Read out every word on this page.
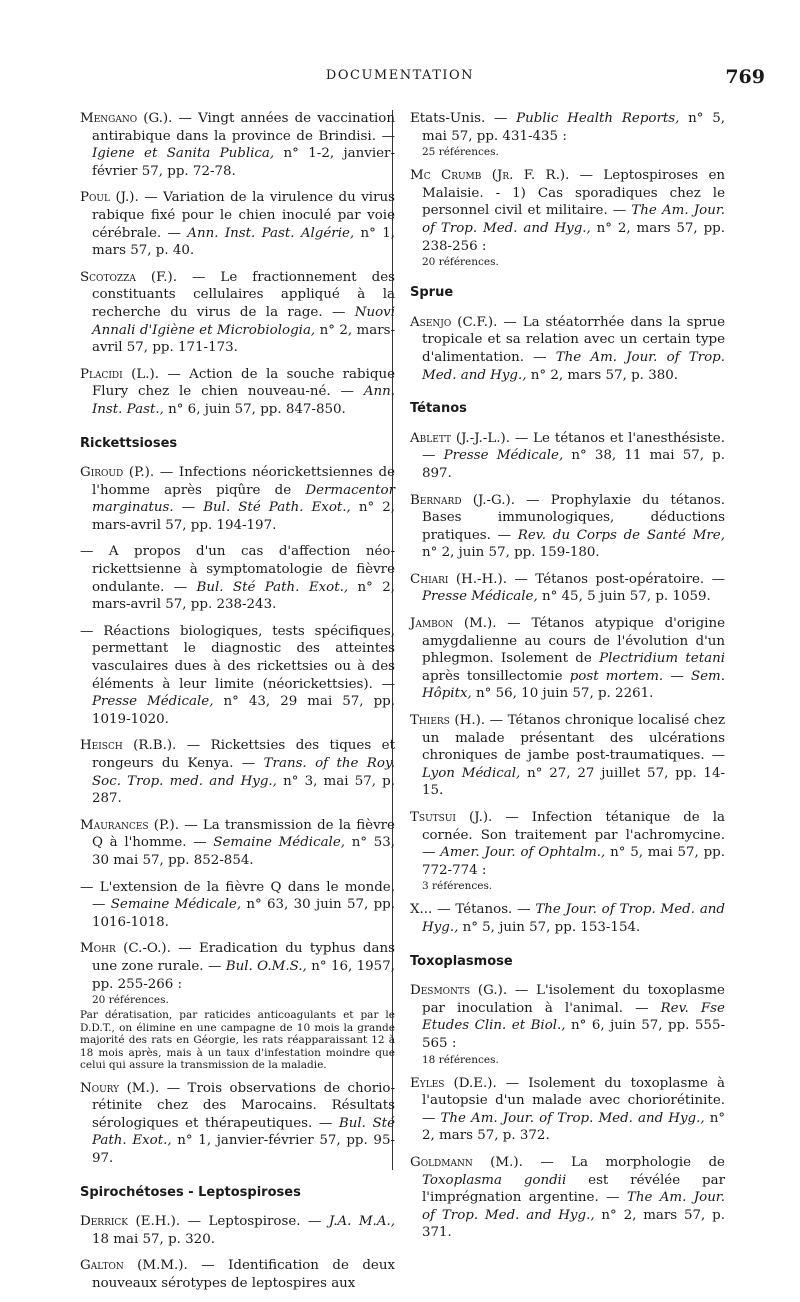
DOCUMENTATION	769

Mengano (G.). — Vingt années de vaccination antirabique dans la province de Brindisi. — Igiene et Sanita Publica, n° 1-2, janvier-février 57, pp. 72-78.

Poul (J.). — Variation de la virulence du virus rabique fixé pour le chien inoculé par voie cérébrale. — Ann. Inst. Past. Algérie, n° 1, mars 57, p. 40.

Scotozza (F.). — Le fractionnement des constituants cellulaires appliqué à la recherche du virus de la rage. — Nuovi Annali d'Igiène et Microbiologia, n° 2, mars-avril 57, pp. 171-173.

Placidi (L.). — Action de la souche rabique Flury chez le chien nouveau-né. — Ann. Inst. Past., n° 6, juin 57, pp. 847-850.

Rickettsioses

Giroud (P.). — Infections néorickettsiennes de l'homme après piqûre de Dermacentor marginatus. — Bul. Sté Path. Exot., n° 2, mars-avril 57, pp. 194-197.

— A propos d'un cas d'affection néo-rickettsienne à symptomatologie de fièvre ondulante. — Bul. Sté Path. Exot., n° 2, mars-avril 57, pp. 238-243.

— Réactions biologiques, tests spécifiques, permettant le diagnostic des atteintes vasculaires dues à des rickettsies ou à des éléments à leur limite (néorickettsies). — Presse Médicale, n° 43, 29 mai 57, pp. 1019-1020.

Heisch (R.B.). — Rickettsies des tiques et rongeurs du Kenya. — Trans. of the Roy. Soc. Trop. med. and Hyg., n° 3, mai 57, p. 287.

Maurances (P.). — La transmission de la fièvre Q à l'homme. — Semaine Médicale, n° 53, 30 mai 57, pp. 852-854.

— L'extension de la fièvre Q dans le monde. — Semaine Médicale, n° 63, 30 juin 57, pp. 1016-1018.

Mohr (C.-O.). — Eradication du typhus dans une zone rurale. — Bul. O.M.S., n° 16, 1957, pp. 255-266 :
20 références.

Par dératisation, par raticides anticoagulants et par le D.D.T., on élimine en une campagne de 10 mois la grande majorité des rats en Géorgie, les rats réapparaissant 12 à 18 mois après, mais à un taux d'infestation moindre que celui qui assure la transmission de la maladie.

Noury (M.). — Trois observations de chorio-rétinite chez des Marocains. Résultats sérologiques et thérapeutiques. — Bul. Sté Path. Exot., n° 1, janvier-février 57, pp. 95-97.

Spirochétoses - Leptospiroses

Derrick (E.H.). — Leptospirose. — J.A. M.A., 18 mai 57, p. 320.

Galton (M.M.). — Identification de deux nouveaux sérotypes de leptospires aux

Etats-Unis. — Public Health Reports, n° 5, mai 57, pp. 431-435 :
25 références.

Mc Crumb (Jr. F. R.). — Leptospiroses en Malaisie. - 1) Cas sporadiques chez le personnel civil et militaire. — The Am. Jour. of Trop. Med. and Hyg., n° 2, mars 57, pp. 238-256 :
20 références.

Sprue

Asenjo (C.F.). — La stéatorrhée dans la sprue tropicale et sa relation avec un certain type d'alimentation. — The Am. Jour. of Trop. Med. and Hyg., n° 2, mars 57, p. 380.

Tétanos

Ablett (J.-J.-L.). — Le tétanos et l'anesthésiste. — Presse Médicale, n° 38, 11 mai 57, p. 897.

Bernard (J.-G.). — Prophylaxie du tétanos. Bases immunologiques, déductions pratiques. — Rev. du Corps de Santé Mre, n° 2, juin 57, pp. 159-180.

Chiari (H.-H.). — Tétanos post-opératoire. — Presse Médicale, n° 45, 5 juin 57, p. 1059.

Jambon (M.). — Tétanos atypique d'origine amygdalienne au cours de l'évolution d'un phlegmon. Isolement de Plectridium tetani après tonsillectomie post mortem. — Sem. Hôpitx, n° 56, 10 juin 57, p. 2261.

Thiers (H.). — Tétanos chronique localisé chez un malade présentant des ulcérations chroniques de jambe post-traumatiques. — Lyon Médical, n° 27, 27 juillet 57, pp. 14-15.

Tsutsui (J.). — Infection tétanique de la cornée. Son traitement par l'achromycine. — Amer. Jour. of Ophtalm., n° 5, mai 57, pp. 772-774 :
3 références.

X... — Tétanos. — The Jour. of Trop. Med. and Hyg., n° 5, juin 57, pp. 153-154.

Toxoplasmose

Desmonts (G.). — L'isolement du toxoplasme par inoculation à l'animal. — Rev. Fse Etudes Clin. et Biol., n° 6, juin 57, pp. 555-565 :
18 références.

Eyles (D.E.). — Isolement du toxoplasme à l'autopsie d'un malade avec choriorétinite. — The Am. Jour. of Trop. Med. and Hyg., n° 2, mars 57, p. 372.

Goldmann (M.). — La morphologie de Toxoplasma gondii est révélée par l'imprégnation argentine. — The Am. Jour. of Trop. Med. and Hyg., n° 2, mars 57, p. 371.
